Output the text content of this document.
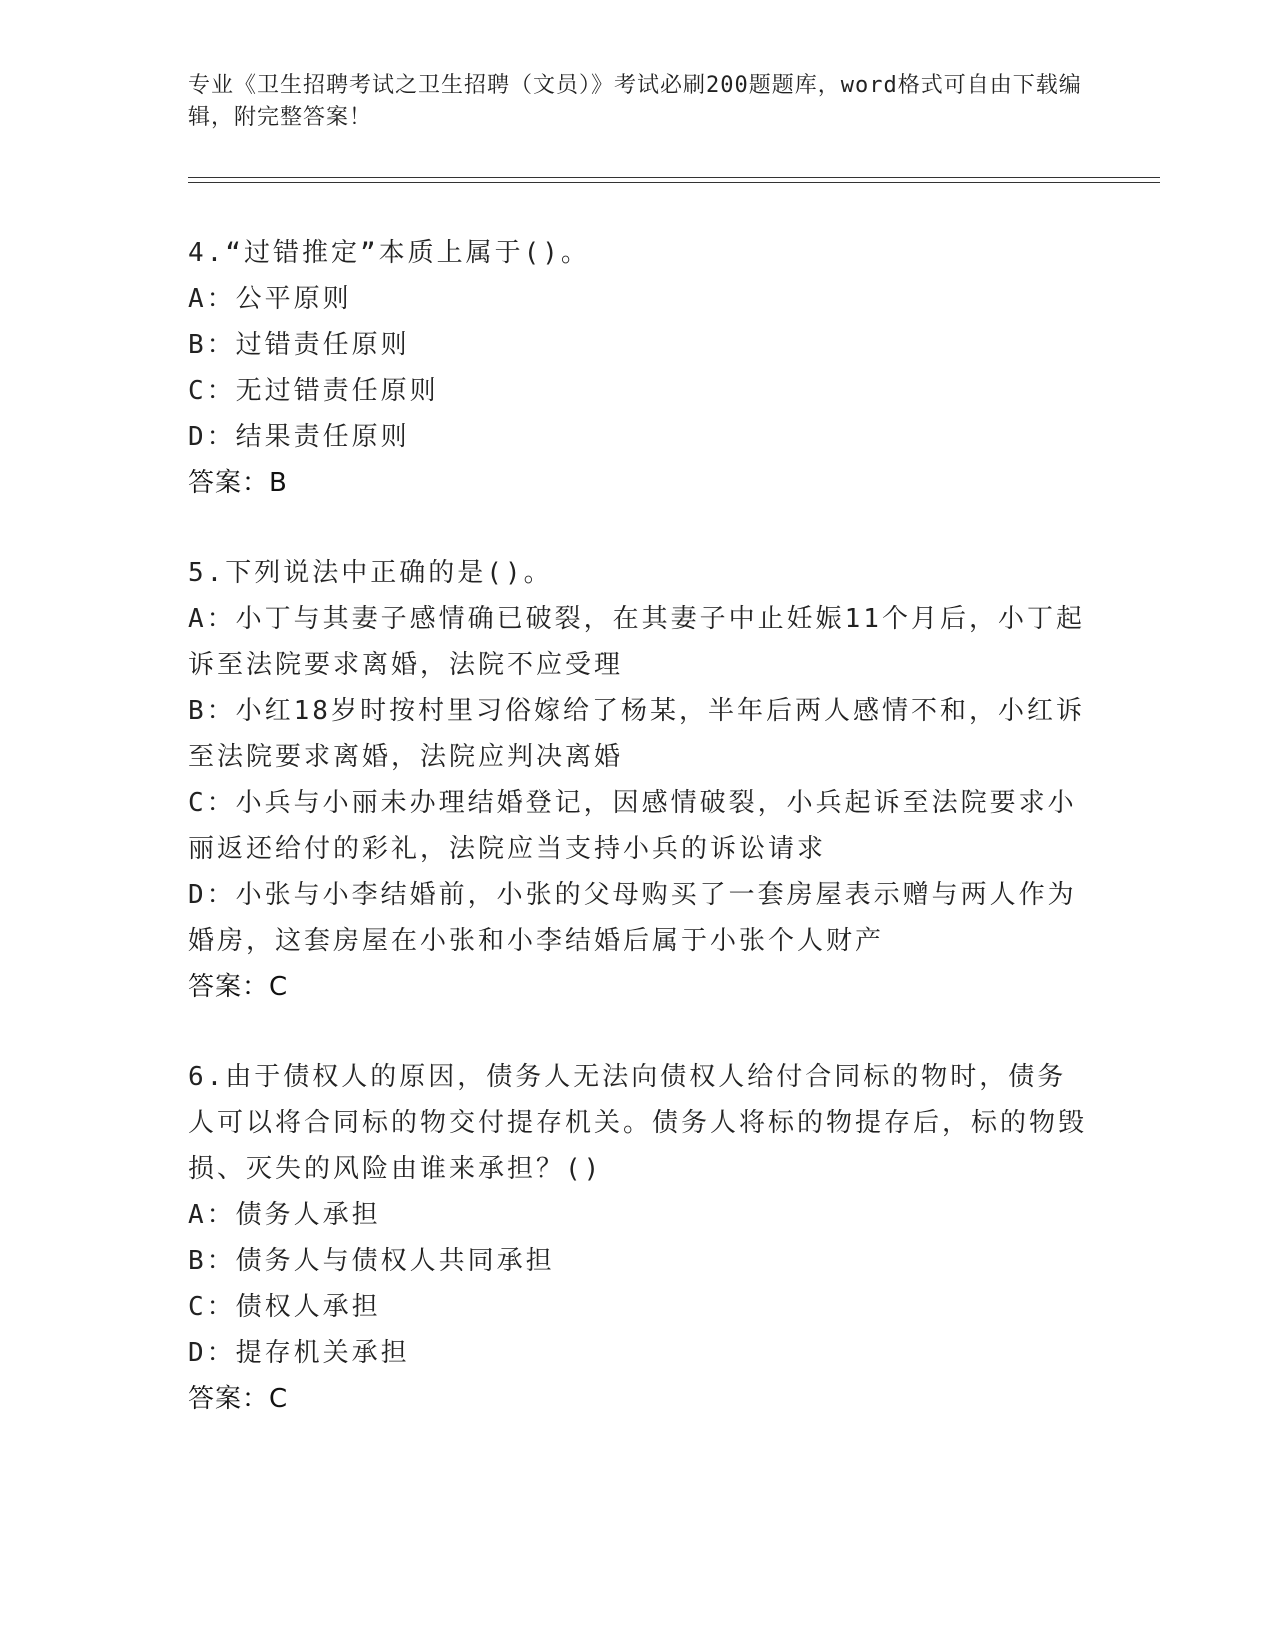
专业《卫生招聘考试之卫生招聘（文员）》考试必刷200题题库，word格式可自由下载编辑，附完整答案！
4.“过错推定”本质上属于()。
A：公平原则
B：过错责任原则
C：无过错责任原则
D：结果责任原则
答案：B
5.下列说法中正确的是()。
A：小丁与其妻子感情确已破裂，在其妻子中止妊娠11个月后，小丁起诉至法院要求离婚，法院不应受理
B：小红18岁时按村里习俗嫁给了杨某，半年后两人感情不和，小红诉至法院要求离婚，法院应判决离婚
C：小兵与小丽未办理结婚登记，因感情破裂，小兵起诉至法院要求小丽返还给付的彩礼，法院应当支持小兵的诉讼请求
D：小张与小李结婚前，小张的父母购买了一套房屋表示赠与两人作为婚房，这套房屋在小张和小李结婚后属于小张个人财产
答案：C
6.由于债权人的原因，债务人无法向债权人给付合同标的物时，债务人可以将合同标的物交付提存机关。债务人将标的物提存后，标的物毁损、灭失的风险由谁来承担？()
A：债务人承担
B：债务人与债权人共同承担
C：债权人承担
D：提存机关承担
答案：C
